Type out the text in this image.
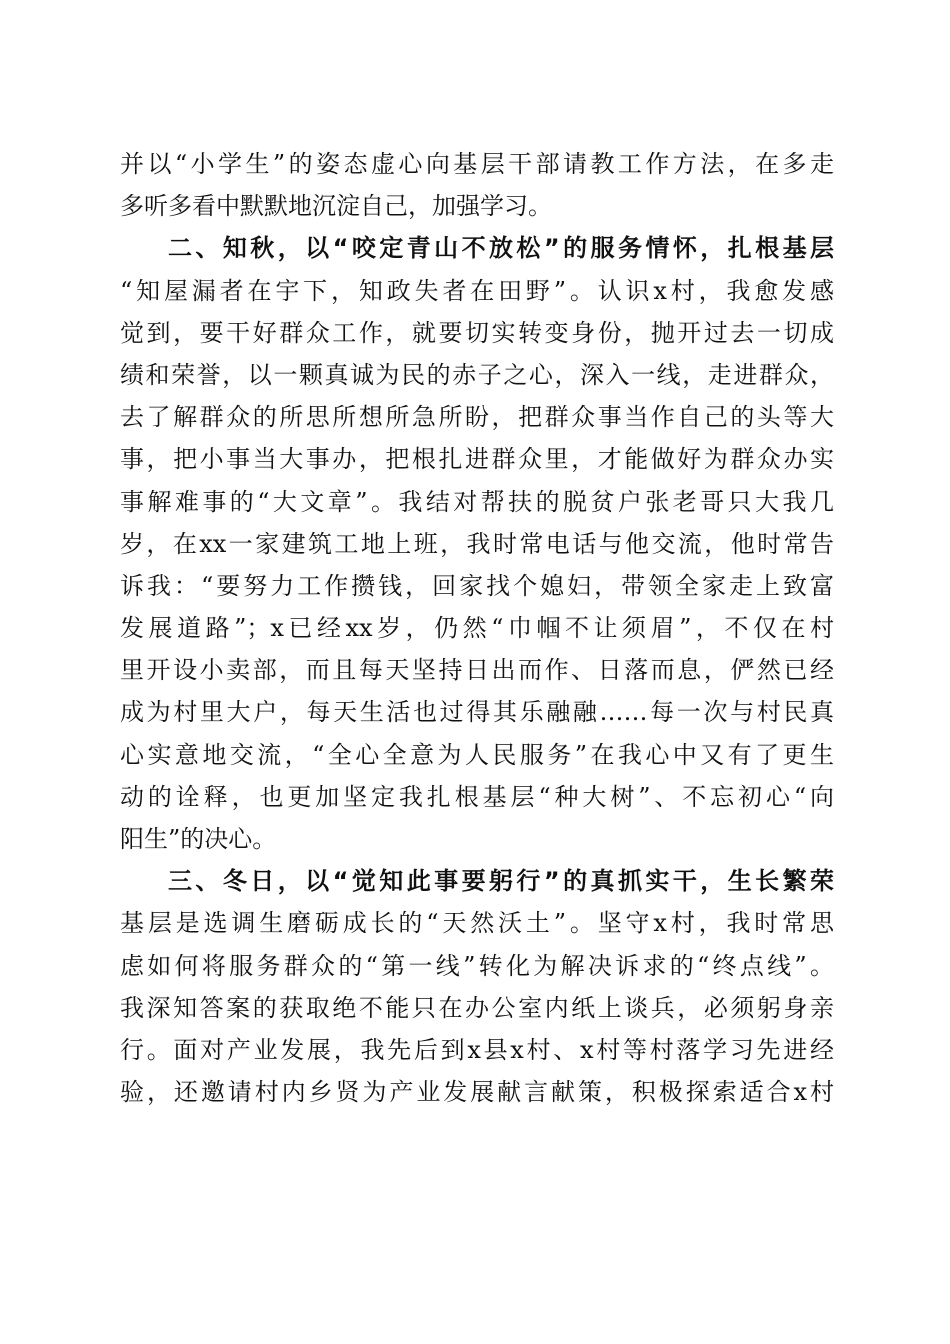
并以“小学生”的姿态虚心向基层干部请教工作方法，在多走
多听多看中默默地沉淀自己，加强学习。
二、知秋，以“咬定青山不放松”的服务情怀，扎根基层
“知屋漏者在宇下，知政失者在田野”。认识x村，我愈发感
觉到，要干好群众工作，就要切实转变身份，抛开过去一切成
绩和荣誉，以一颗真诚为民的赤子之心，深入一线，走进群众，
去了解群众的所思所想所急所盼，把群众事当作自己的头等大
事，把小事当大事办，把根扎进群众里，才能做好为群众办实
事解难事的“大文章”。我结对帮扶的脱贫户张老哥只大我几
岁，在xx一家建筑工地上班，我时常电话与他交流，他时常告
诉我：“要努力工作攒钱，回家找个媳妇，带领全家走上致富
发展道路”；x已经xx岁，仍然“巾帼不让须眉”，不仅在村
里开设小卖部，而且每天坚持日出而作、日落而息，俨然已经
成为村里大户，每天生活也过得其乐融融……每一次与村民真
心实意地交流，“全心全意为人民服务”在我心中又有了更生
动的诠释，也更加坚定我扎根基层“种大树”、不忘初心“向
阳生”的决心。
三、冬日，以“觉知此事要躬行”的真抓实干，生长繁荣
基层是选调生磨砺成长的“天然沃土”。坚守x村，我时常思
虑如何将服务群众的“第一线”转化为解决诉求的“终点线”。
我深知答案的获取绝不能只在办公室内纸上谈兵，必须躬身亲
行。面对产业发展，我先后到x县x村、x村等村落学习先进经
验，还邀请村内乡贤为产业发展献言献策，积极探索适合x村
